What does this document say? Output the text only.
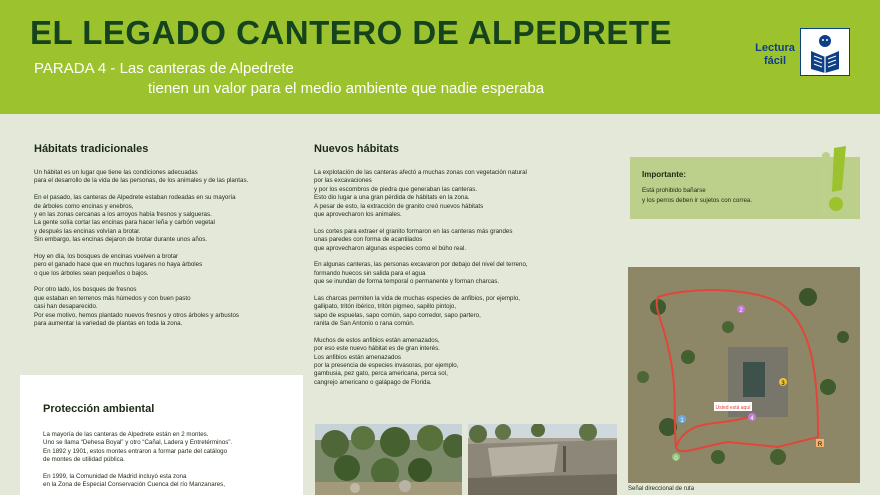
EL LEGADO CANTERO DE ALPEDRETE
PARADA 4 - Las canteras de Alpedrete
tienen un valor para el medio ambiente que nadie esperaba
Lectura
fácil
Hábitats tradicionales
Un hábitat es un lugar que tiene las condiciones adecuadas
para el desarrollo de la vida de las personas, de los animales y de las plantas.
En el pasado, las canteras de Alpedrete estaban rodeadas en su mayoría
de árboles como encinas y enebros,
y en las zonas cercanas a los arroyos había fresnos y salgueras.
La gente solía cortar las encinas para hacer leña y carbón vegetal
y después las encinas volvían a brotar.
Sin embargo, las encinas dejaron de brotar durante unos años.
Hoy en día, los bosques de encinas vuelven a brotar
pero el ganado hace que en muchos lugares no haya árboles
o que los árboles sean pequeños o bajos.
Por otro lado, los bosques de fresnos
que estaban en terrenos más húmedos y con buen pasto
casi han desaparecido.
Por ese motivo, hemos plantado nuevos fresnos y otros árboles y arbustos
para aumentar la variedad de plantas en toda la zona.
Nuevos hábitats
La explotación de las canteras afectó a muchas zonas con vegetación natural
por las excavaciones
y por los escombros de piedra que generaban las canteras.
Esto dio lugar a una gran pérdida de hábitats en la zona.
A pesar de esto, la extracción de granito creó nuevos hábitats
que aprovecharon los animales.
Los cortes para extraer el granito formaron en las canteras más grandes
unas paredes con forma de acantilados
que aprovecharon algunas especies como el búho real.
En algunas canteras, las personas excavaron por debajo del nivel del terreno,
formando huecos sin salida para el agua
que se inundan de forma temporal o permanente y forman charcas.
Las charcas permiten la vida de muchas especies de anfibios, por ejemplo,
gallipato, tritón ibérico, tritón pigmeo, sapillo pintojo,
sapo de espuelas, sapo común, sapo corredor, sapo partero,
ranita de San Antonio o rana común.
Muchos de estos anfibios están amenazados,
por eso este nuevo hábitat es de gran interés.
Los anfibios están amenazados
por la presencia de especies invasoras, por ejemplo,
gambusia, pez gato, perca americana, perca sol,
cangrejo americano o galápago de Florida.
Importante:
Está prohibido bañarse
y los perros deben ir sujetos con correa.
Protección ambiental
La mayoría de las canteras de Alpedrete están en 2 montes.
Uno se llama “Dehesa Boyal” y otro “Cañal, Ladera y Entretérminos”.
En 1892 y 1901, estos montes entraron a formar parte del catálogo
de montes de utilidad pública.
En 1999, la Comunidad de Madrid incluyó esta zona
en la Zona de Especial Conservación Cuenca del río Manzanares,
2
3
4
1
0
R
Usted está aquí
Señal direccional de ruta
